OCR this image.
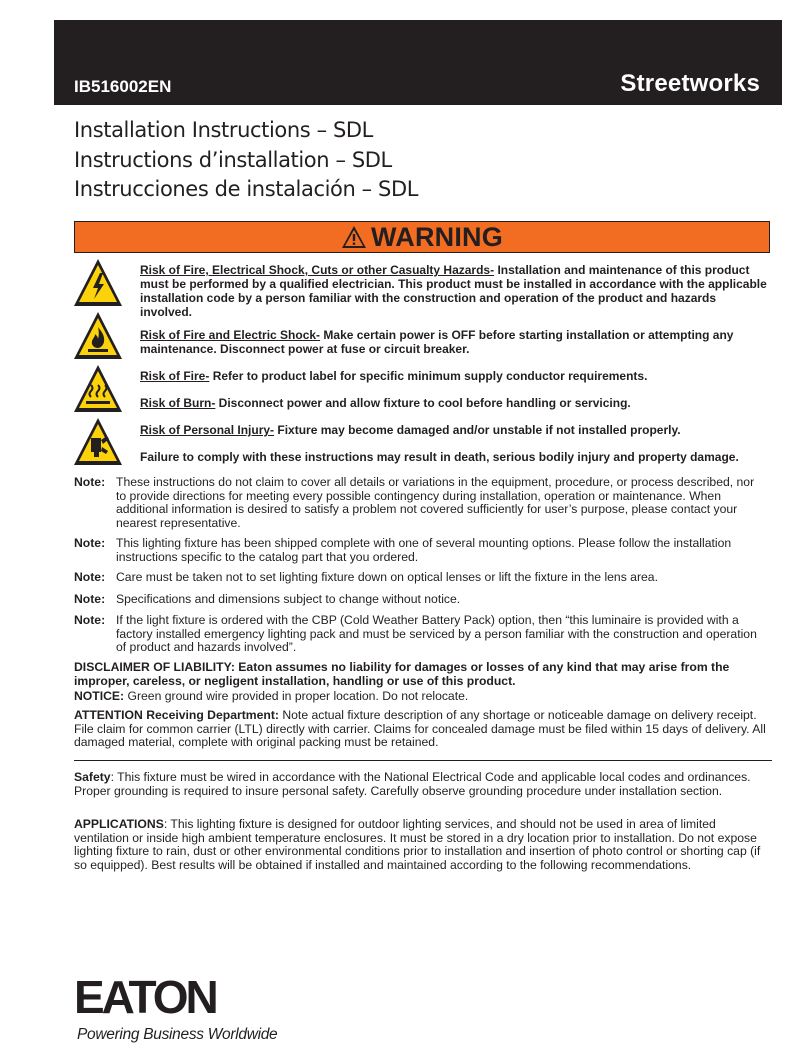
IB516002EN	Streetworks
Installation Instructions – SDL
Instructions d’installation – SDL
Instrucciones de instalación – SDL
WARNING
Risk of Fire, Electrical Shock, Cuts or other Casualty Hazards- Installation and maintenance of this product must be performed by a qualified electrician. This product must be installed in accordance with the applicable installation code by a person familiar with the construction and operation of the product and hazards involved.
Risk of Fire and Electric Shock- Make certain power is OFF before starting installation or attempting any maintenance. Disconnect power at fuse or circuit breaker.
Risk of Fire- Refer to product label for specific minimum supply conductor requirements.
Risk of Burn- Disconnect power and allow fixture to cool before handling or servicing.
Risk of Personal Injury- Fixture may become damaged and/or unstable if not installed properly.
Failure to comply with these instructions may result in death, serious bodily injury and property damage.
Note: These instructions do not claim to cover all details or variations in the equipment, procedure, or process described, nor to provide directions for meeting every possible contingency during installation, operation or maintenance. When additional information is desired to satisfy a problem not covered sufficiently for user’s purpose, please contact your nearest representative.
Note: This lighting fixture has been shipped complete with one of several mounting options. Please follow the installation instructions specific to the catalog part that you ordered.
Note: Care must be taken not to set lighting fixture down on optical lenses or lift the fixture in the lens area.
Note: Specifications and dimensions subject to change without notice.
Note: If the light fixture is ordered with the CBP (Cold Weather Battery Pack) option, then “this luminaire is provided with a factory installed emergency lighting pack and must be serviced by a person familiar with the construction and operation of product and hazards involved”.
DISCLAIMER OF LIABILITY: Eaton assumes no liability for damages or losses of any kind that may arise from the improper, careless, or negligent installation, handling or use of this product.
NOTICE: Green ground wire provided in proper location. Do not relocate.
ATTENTION Receiving Department: Note actual fixture description of any shortage or noticeable damage on delivery receipt. File claim for common carrier (LTL) directly with carrier. Claims for concealed damage must be filed within 15 days of delivery. All damaged material, complete with original packing must be retained.
Safety: This fixture must be wired in accordance with the National Electrical Code and applicable local codes and ordinances. Proper grounding is required to insure personal safety. Carefully observe grounding procedure under installation section.
APPLICATIONS: This lighting fixture is designed for outdoor lighting services, and should not be used in area of limited ventilation or inside high ambient temperature enclosures. It must be stored in a dry location prior to installation. Do not expose lighting fixture to rain, dust or other environmental conditions prior to installation and insertion of photo control or shorting cap (if so equipped). Best results will be obtained if installed and maintained according to the following recommendations.
EATON
Powering Business Worldwide
